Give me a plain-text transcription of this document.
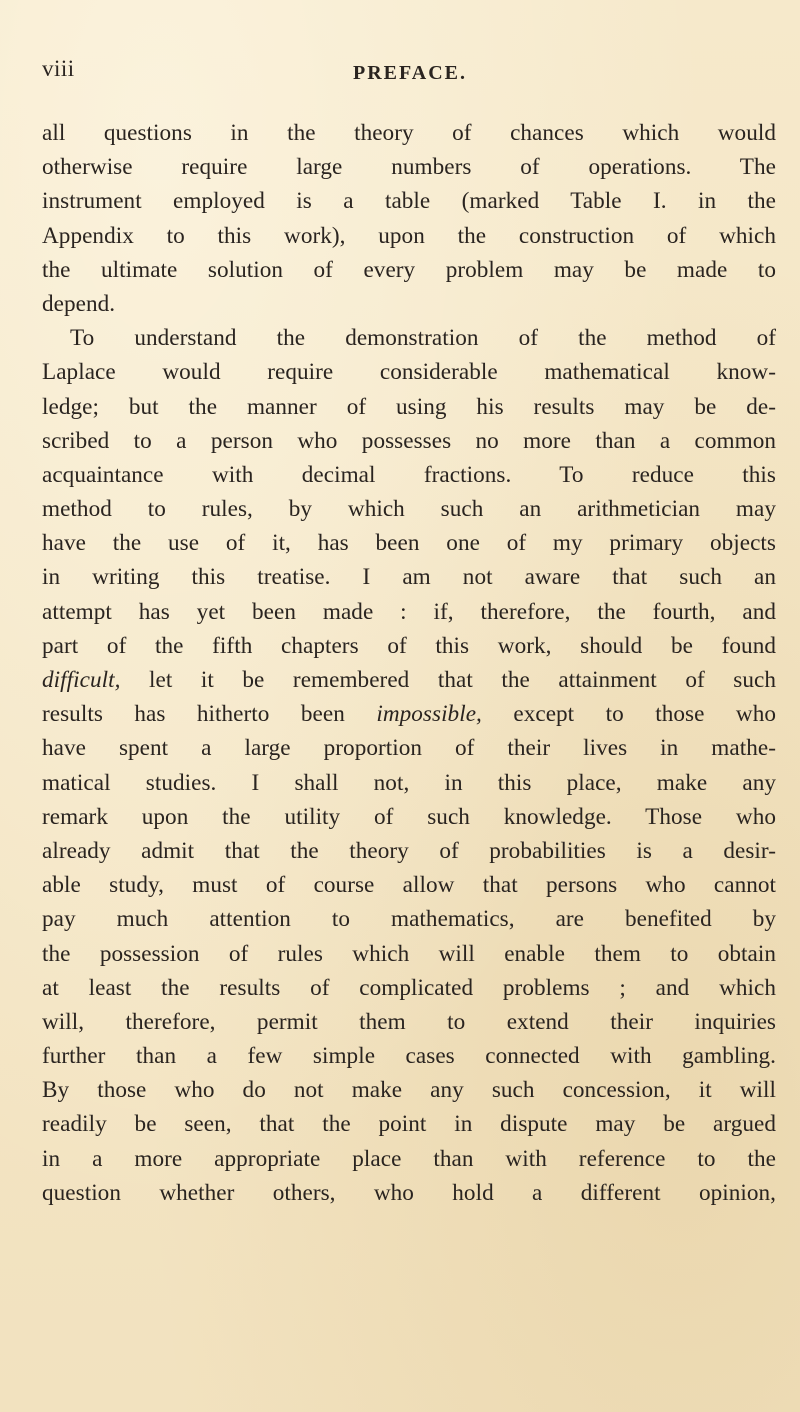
viii	PREFACE.
all questions in the theory of chances which would
otherwise require large numbers of operations. The
instrument employed is a table (marked Table I. in the
Appendix to this work), upon the construction of which
the ultimate solution of every problem may be made to
depend.
To understand the demonstration of the method of
Laplace would require considerable mathematical know-
ledge; but the manner of using his results may be de-
scribed to a person who possesses no more than a common
acquaintance with decimal fractions. To reduce this
method to rules, by which such an arithmetician may
have the use of it, has been one of my primary objects
in writing this treatise. I am not aware that such an
attempt has yet been made : if, therefore, the fourth, and
part of the fifth chapters of this work, should be found
difficult, let it be remembered that the attainment of such
results has hitherto been impossible, except to those who
have spent a large proportion of their lives in mathe-
matical studies. I shall not, in this place, make any
remark upon the utility of such knowledge. Those who
already admit that the theory of probabilities is a desir-
able study, must of course allow that persons who cannot
pay much attention to mathematics, are benefited by
the possession of rules which will enable them to obtain
at least the results of complicated problems ; and which
will, therefore, permit them to extend their inquiries
further than a few simple cases connected with gambling.
By those who do not make any such concession, it will
readily be seen, that the point in dispute may be argued
in a more appropriate place than with reference to the
question whether others, who hold a different opinion,
